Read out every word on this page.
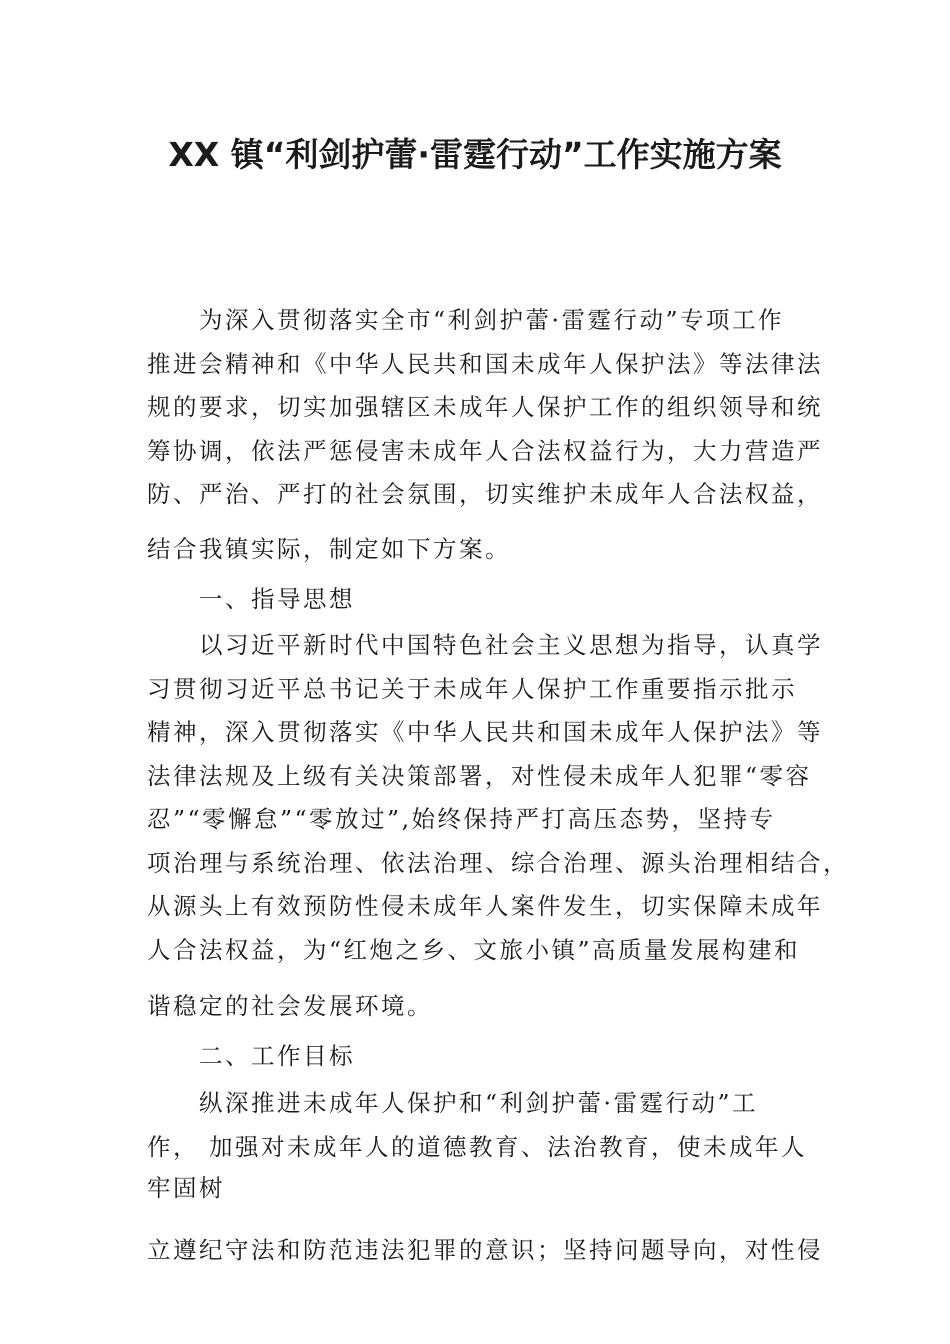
XX 镇“利剑护蕾·雷霆行动”工作实施方案
为深入贯彻落实全市“利剑护蕾·雷霆行动”专项工作
推进会精神和《中华人民共和国未成年人保护法》等法律法
规的要求，切实加强辖区未成年人保护工作的组织领导和统
筹协调，依法严惩侵害未成年人合法权益行为，大力营造严
防、严治、严打的社会氛围，切实维护未成年人合法权益，
结合我镇实际，制定如下方案。
一、指导思想
以习近平新时代中国特色社会主义思想为指导，认真学
习贯彻习近平总书记关于未成年人保护工作重要指示批示
精神，深入贯彻落实《中华人民共和国未成年人保护法》等
法律法规及上级有关决策部署，对性侵未成年人犯罪“零容
忍”“零懈怠”“零放过”,始终保持严打高压态势，坚持专
项治理与系统治理、依法治理、综合治理、源头治理相结合，
从源头上有效预防性侵未成年人案件发生，切实保障未成年
人合法权益，为“红炮之乡、文旅小镇”高质量发展构建和
谐稳定的社会发展环境。
二、工作目标
纵深推进未成年人保护和“利剑护蕾·雷霆行动”工
作， 加强对未成年人的道德教育、法治教育，使未成年人
牢固树
立遵纪守法和防范违法犯罪的意识；坚持问题导向，对性侵
